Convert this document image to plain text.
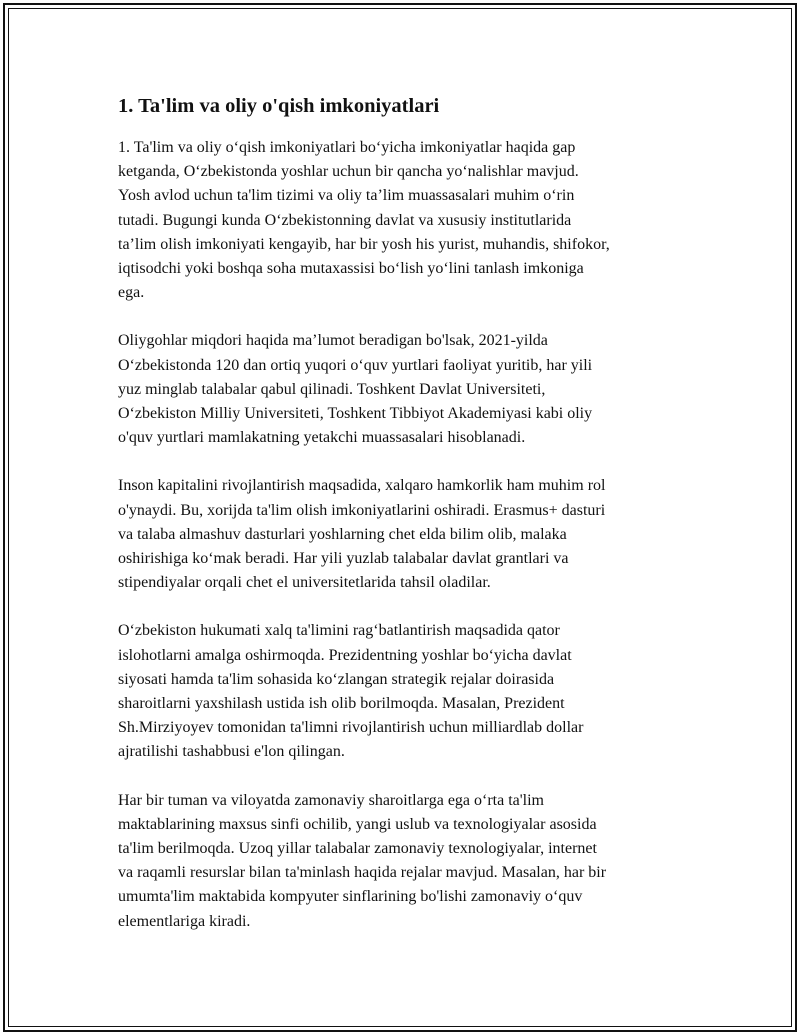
1. Ta'lim va oliy o'qish imkoniyatlari
1. Ta'lim va oliy oʻqish imkoniyatlari boʻyicha imkoniyatlar haqida gap
ketganda, Oʻzbekistonda yoshlar uchun bir qancha yoʻnalishlar mavjud.
Yosh avlod uchun ta'lim tizimi va oliy taʼlim muassasalari muhim oʻrin
tutadi. Bugungi kunda Oʻzbekistonning davlat va xususiy institutlarida
taʼlim olish imkoniyati kengayib, har bir yosh his yurist, muhandis, shifokor,
iqtisodchi yoki boshqa soha mutaxassisi boʻlish yoʻlini tanlash imkoniga
ega.
Oliygohlar miqdori haqida maʼlumot beradigan bo'lsak, 2021-yilda
Oʻzbekistonda 120 dan ortiq yuqori oʻquv yurtlari faoliyat yuritib, har yili
yuz minglab talabalar qabul qilinadi. Toshkent Davlat Universiteti,
Oʻzbekiston Milliy Universiteti, Toshkent Tibbiyot Akademiyasi kabi oliy
o'quv yurtlari mamlakatning yetakchi muassasalari hisoblanadi.
Inson kapitalini rivojlantirish maqsadida, xalqaro hamkorlik ham muhim rol
o'ynaydi. Bu, xorijda ta'lim olish imkoniyatlarini oshiradi. Erasmus+ dasturi
va talaba almashuv dasturlari yoshlarning chet elda bilim olib, malaka
oshirishiga koʻmak beradi. Har yili yuzlab talabalar davlat grantlari va
stipendiyalar orqali chet el universitetlarida tahsil oladilar.
Oʻzbekiston hukumati xalq ta'limini ragʻbatlantirish maqsadida qator
islohotlarni amalga oshirmoqda. Prezidentning yoshlar boʻyicha davlat
siyosati hamda ta'lim sohasida koʻzlangan strategik rejalar doirasida
sharoitlarni yaxshilash ustida ish olib borilmoqda. Masalan, Prezident
Sh.Mirziyoyev tomonidan ta'limni rivojlantirish uchun milliardlab dollar
ajratilishi tashabbusi e'lon qilingan.
Har bir tuman va viloyatda zamonaviy sharoitlarga ega oʻrta ta'lim
maktablarining maxsus sinfi ochilib, yangi uslub va texnologiyalar asosida
ta'lim berilmoqda. Uzoq yillar talabalar zamonaviy texnologiyalar, internet
va raqamli resurslar bilan ta'minlash haqida rejalar mavjud. Masalan, har bir
umumta'lim maktabida kompyuter sinflarining bo'lishi zamonaviy oʻquv
elementlariga kiradi.
